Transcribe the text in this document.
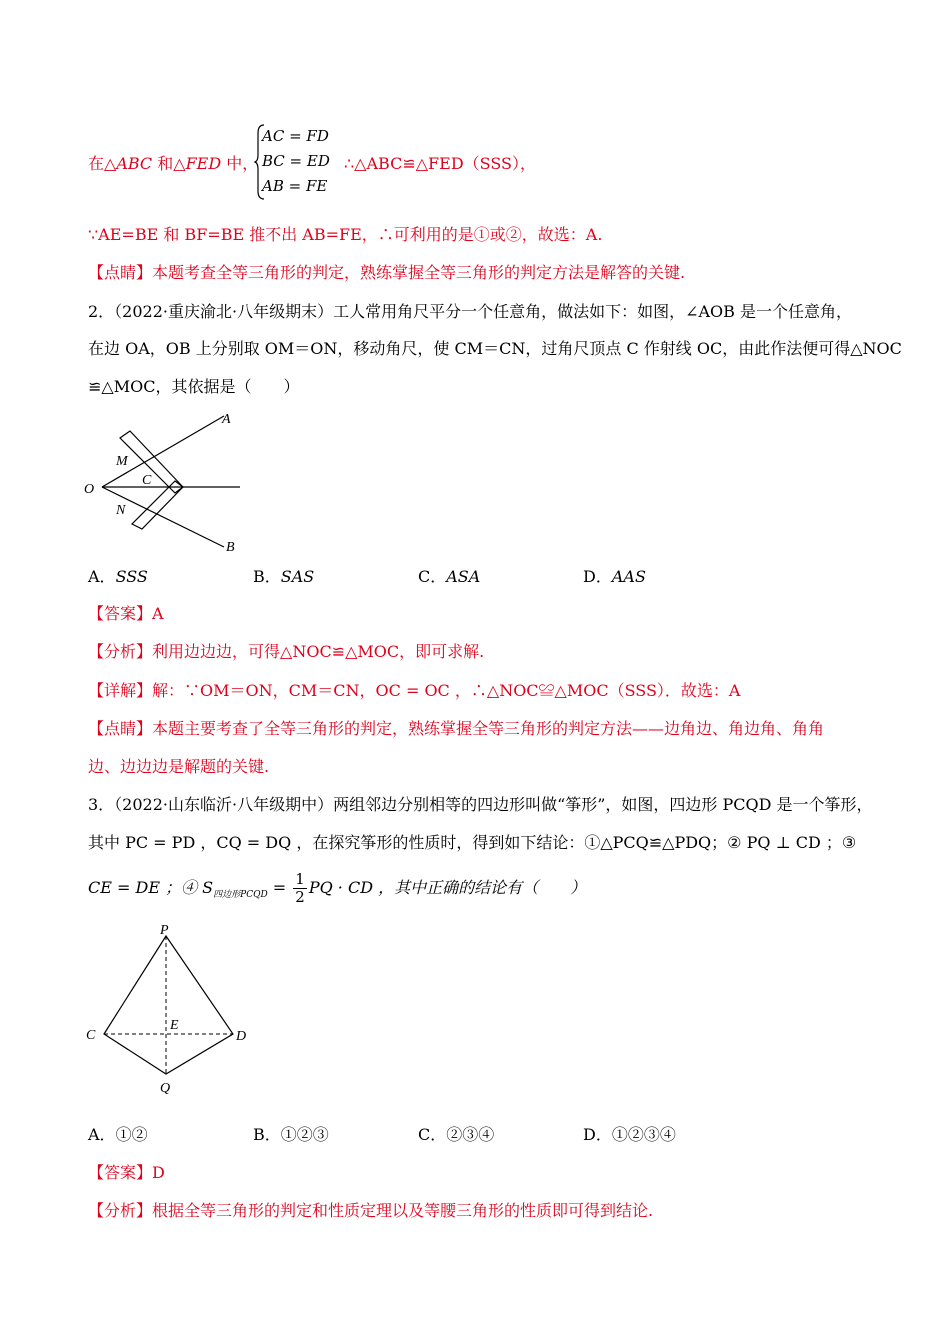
在△ABC 和△FED 中，
AC = FD
BC = ED
AB = FE
∴△ABC≌△FED（SSS），
∵AE=BE 和 BF=BE 推不出 AB=FE，∴可利用的是①或②，故选：A.
【点睛】本题考查全等三角形的判定，熟练掌握全等三角形的判定方法是解答的关键.
2．（2022·重庆渝北·八年级期末）工人常用角尺平分一个任意角，做法如下：如图，∠AOB 是一个任意角，
在边 OA，OB 上分别取 OM＝ON，移动角尺，使 CM＝CN，过角尺顶点 C 作射线 OC，由此作法便可得△NOC
≌△MOC，其依据是（　　）
A
B
O
M
N
C
A．SSS	B．SAS	C．ASA	D．AAS
【答案】A
【分析】利用边边边，可得△NOC≌△MOC，即可求解.
【详解】解：∵OM＝ON，CM＝CN，OC = OC ，∴△NOC≌△MOC（SSS）．故选：A
【点睛】本题主要考查了全等三角形的判定，熟练掌握全等三角形的判定方法——边角边、角边角、角角
边、边边边是解题的关键.
3．（2022·山东临沂·八年级期中）两组邻边分别相等的四边形叫做“筝形”，如图，四边形 PCQD 是一个筝形，
其中 PC = PD ，CQ = DQ ，在探究筝形的性质时，得到如下结论：①△PCQ≌△PDQ；② PQ ⊥ CD ；③
CE = DE ；④ $S_{四边形PCQD} = \frac{1}{2}$ PQ · CD ，其中正确的结论有（　　）
P
C	D
Q
E
A．①②	B．①②③	C．②③④	D．①②③④
【答案】D
【分析】根据全等三角形的判定和性质定理以及等腰三角形的性质即可得到结论.
